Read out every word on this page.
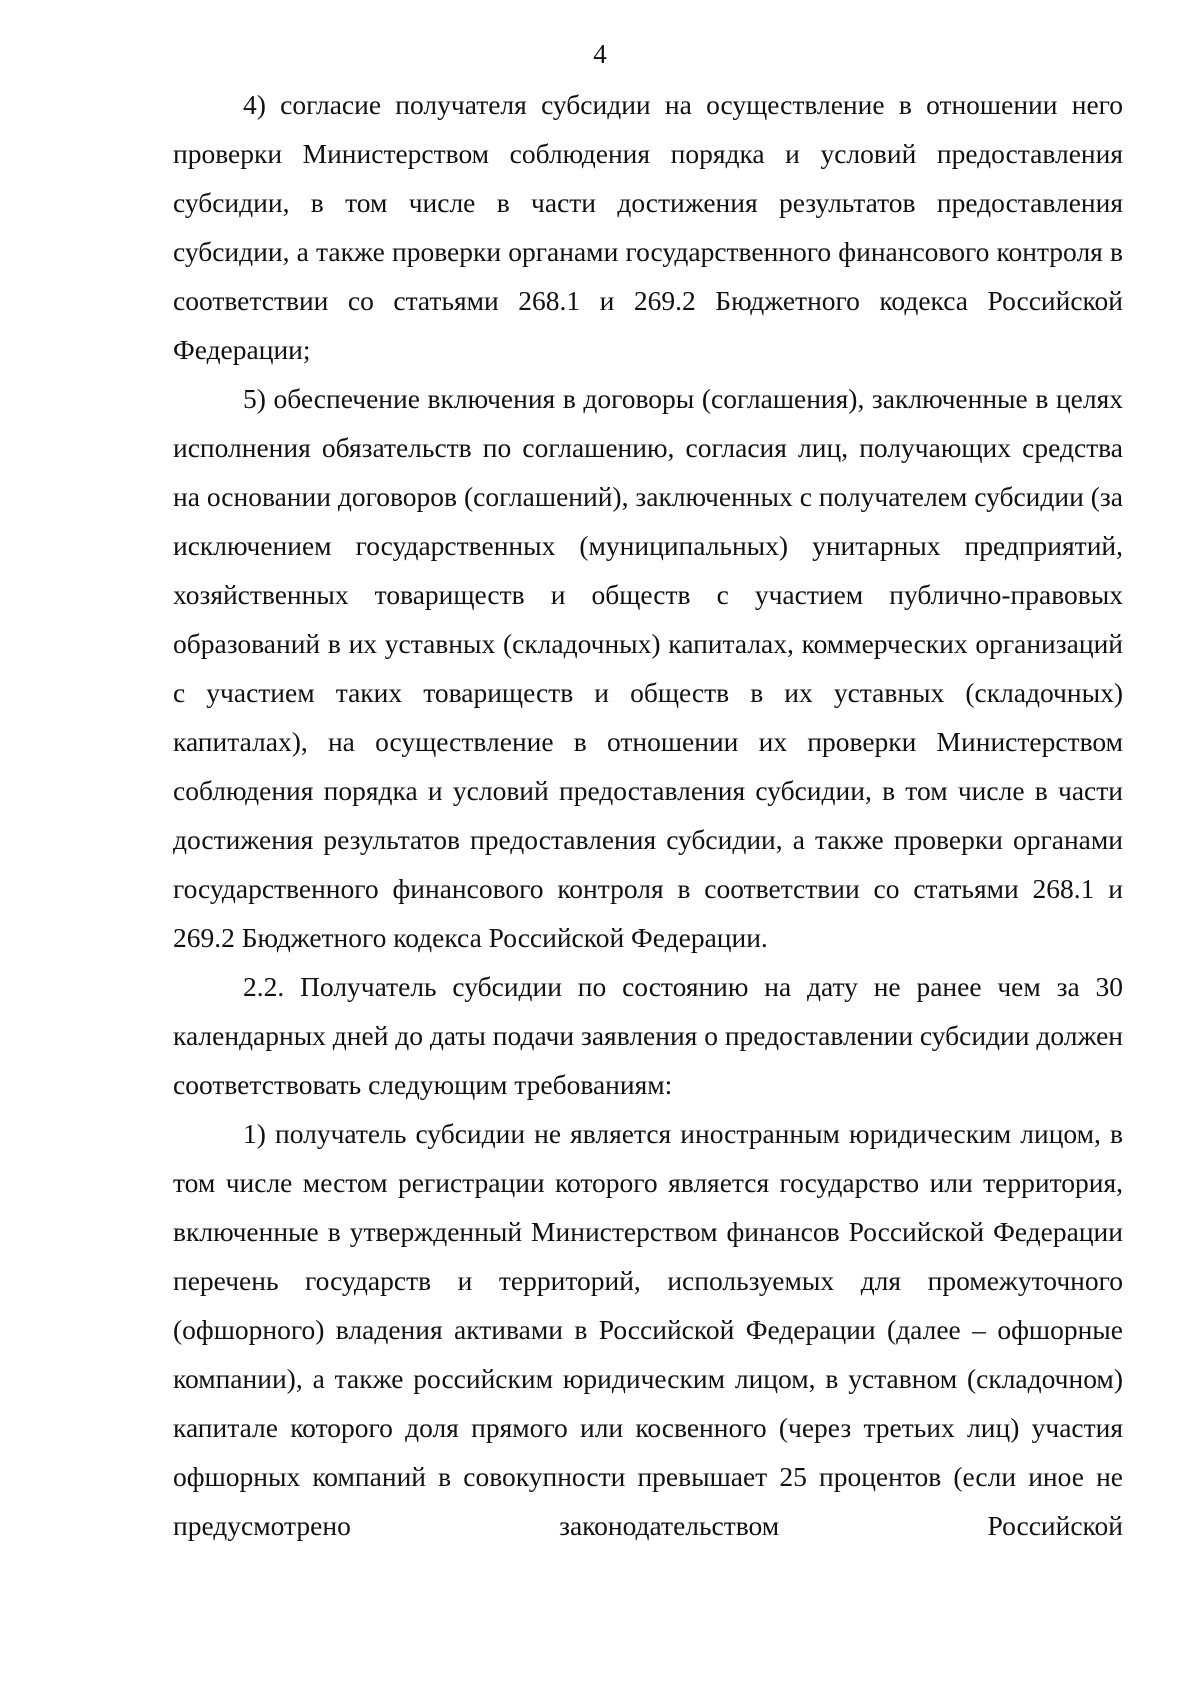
4

4) согласие получателя субсидии на осуществление в отношении него проверки Министерством соблюдения порядка и условий предоставления субсидии, в том числе в части достижения результатов предоставления субсидии, а также проверки органами государственного финансового контроля в соответствии со статьями 268.1 и 269.2 Бюджетного кодекса Российской Федерации;

5) обеспечение включения в договоры (соглашения), заключенные в целях исполнения обязательств по соглашению, согласия лиц, получающих средства на основании договоров (соглашений), заключенных с получателем субсидии (за исключением государственных (муниципальных) унитарных предприятий, хозяйственных товариществ и обществ с участием публично-правовых образований в их уставных (складочных) капиталах, коммерческих организаций с участием таких товариществ и обществ в их уставных (складочных) капиталах), на осуществление в отношении их проверки Министерством соблюдения порядка и условий предоставления субсидии, в том числе в части достижения результатов предоставления субсидии, а также проверки органами государственного финансового контроля в соответствии со статьями 268.1 и 269.2 Бюджетного кодекса Российской Федерации.

2.2. Получатель субсидии по состоянию на дату не ранее чем за 30 календарных дней до даты подачи заявления о предоставлении субсидии должен соответствовать следующим требованиям:

1) получатель субсидии не является иностранным юридическим лицом, в том числе местом регистрации которого является государство или территория, включенные в утвержденный Министерством финансов Российской Федерации перечень государств и территорий, используемых для промежуточного (офшорного) владения активами в Российской Федерации (далее – офшорные компании), а также российским юридическим лицом, в уставном (складочном) капитале которого доля прямого или косвенного (через третьих лиц) участия офшорных компаний в совокупности превышает 25 процентов (если иное не предусмотрено законодательством Российской
